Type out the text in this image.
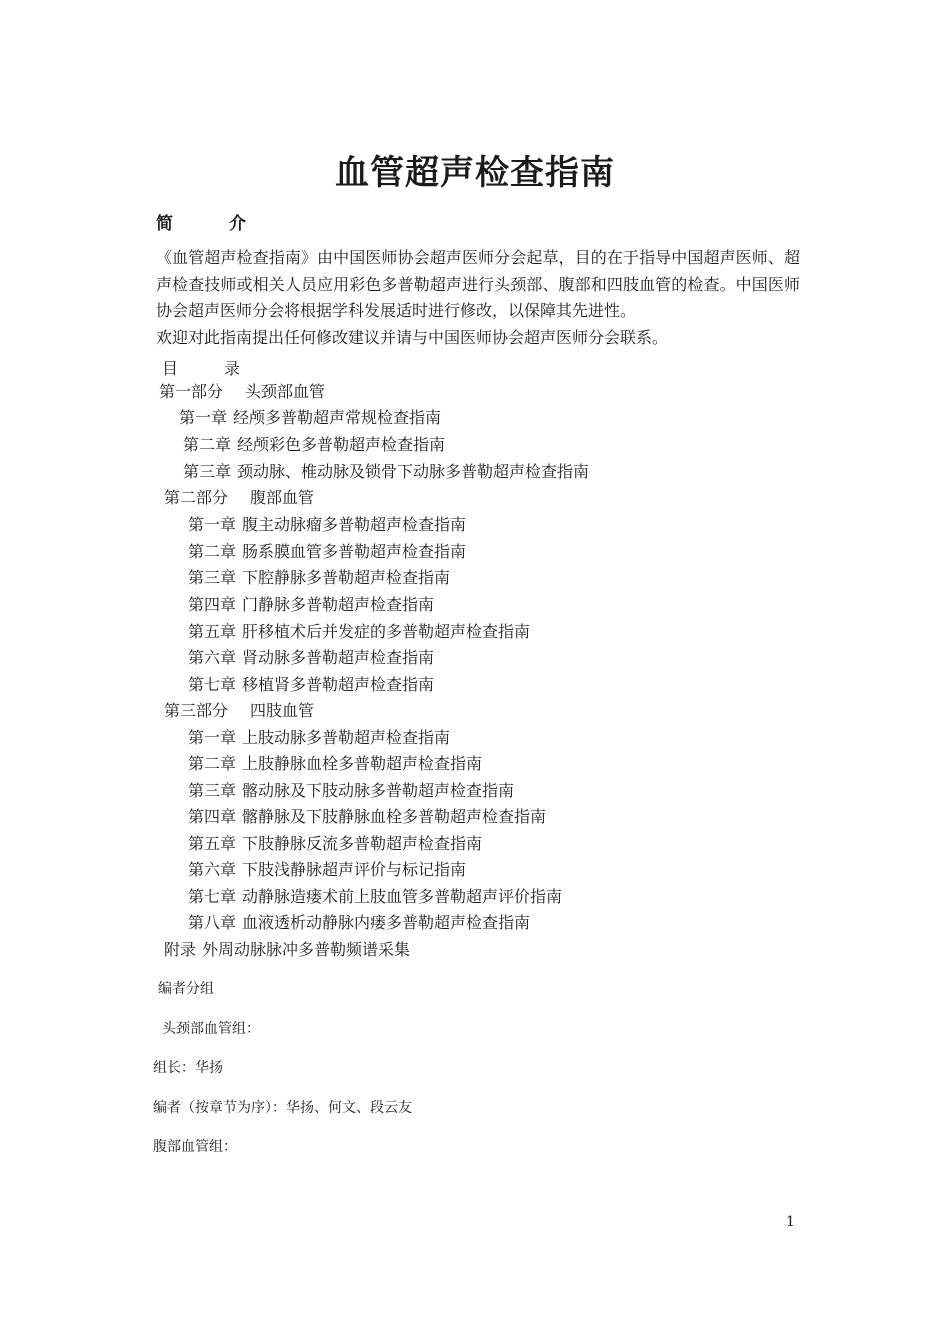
血管超声检查指南
简介

《血管超声检查指南》由中国医师协会超声医师分会起草，目的在于指导中国超声医师、超声检查技师或相关人员应用彩色多普勒超声进行头颈部、腹部和四肢血管的检查。中国医师协会超声医师分会将根据学科发展适时进行修改，以保障其先进性。

欢迎对此指南提出任何修改建议并请与中国医师协会超声医师分会联系。

目录
第一部分 头颈部血管
第一章 经颅多普勒超声常规检查指南
第二章 经颅彩色多普勒超声检查指南
第三章 颈动脉、椎动脉及锁骨下动脉多普勒超声检查指南
第二部分 腹部血管
第一章 腹主动脉瘤多普勒超声检查指南
第二章 肠系膜血管多普勒超声检查指南
第三章 下腔静脉多普勒超声检查指南
第四章 门静脉多普勒超声检查指南
第五章 肝移植术后并发症的多普勒超声检查指南
第六章 肾动脉多普勒超声检查指南
第七章 移植肾多普勒超声检查指南
第三部分 四肢血管
第一章 上肢动脉多普勒超声检查指南
第二章 上肢静脉血栓多普勒超声检查指南
第三章 髂动脉及下肢动脉多普勒超声检查指南
第四章 髂静脉及下肢静脉血栓多普勒超声检查指南
第五章 下肢静脉反流多普勒超声检查指南
第六章 下肢浅静脉超声评价与标记指南
第七章 动静脉造瘘术前上肢血管多普勒超声评价指南
第八章 血液透析动静脉内瘘多普勒超声检查指南
附录 外周动脉脉冲多普勒频谱采集
编者分组
头颈部血管组：
组长：华扬
编者（按章节为序）：华扬、何文、段云友
腹部血管组：
1
